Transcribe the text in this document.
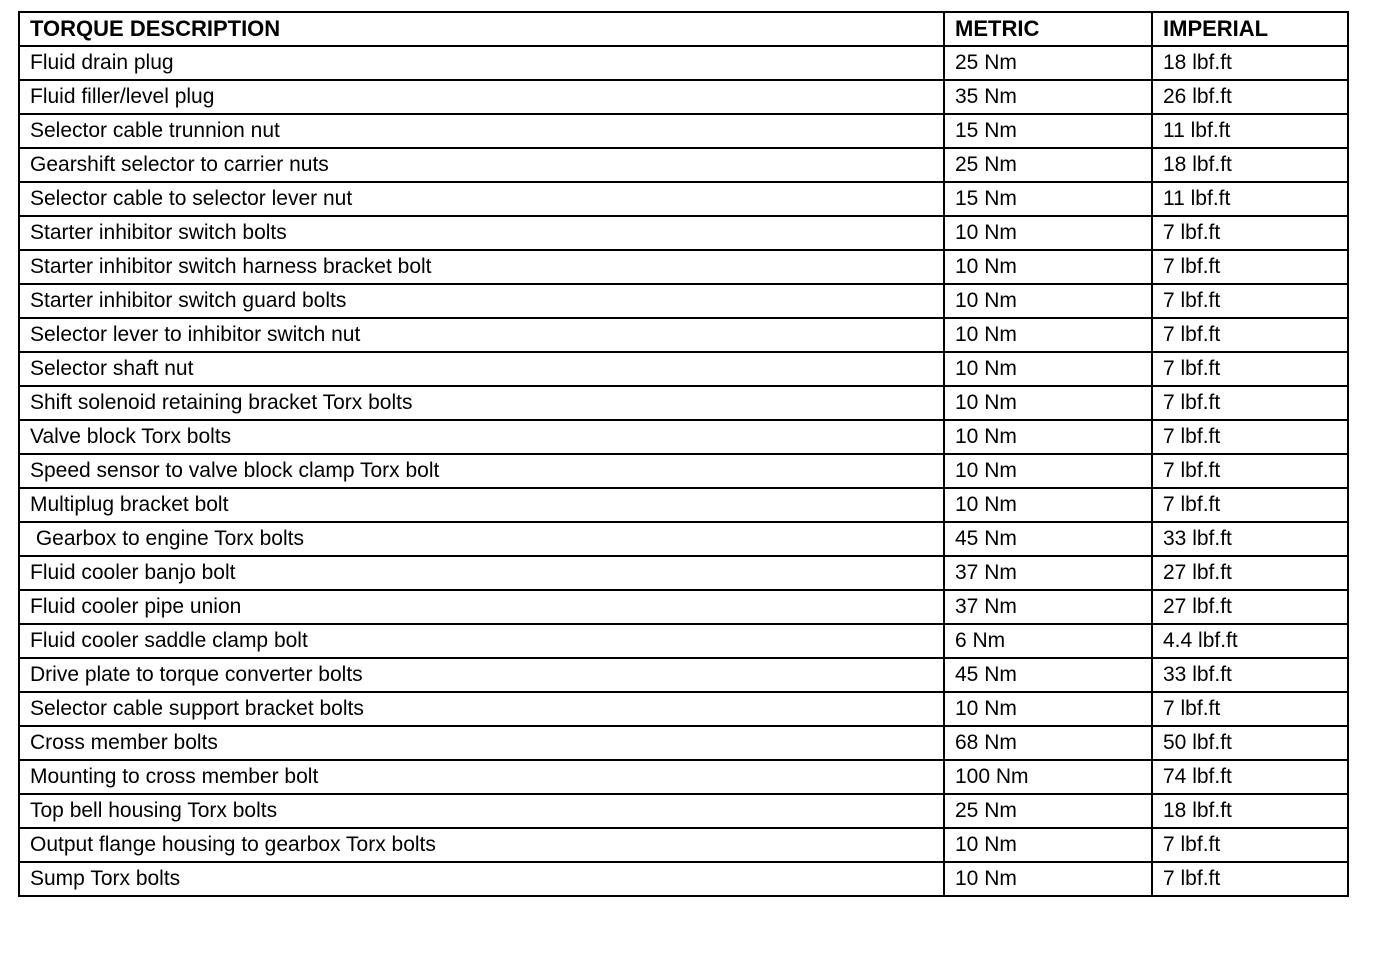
TORQUE DESCRIPTION	METRIC	IMPERIAL
Fluid drain plug	25 Nm	18 lbf.ft
Fluid filler/level plug	35 Nm	26 lbf.ft
Selector cable trunnion nut	15 Nm	11 lbf.ft
Gearshift selector to carrier nuts	25 Nm	18 lbf.ft
Selector cable to selector lever nut	15 Nm	11 lbf.ft
Starter inhibitor switch bolts	10 Nm	7 lbf.ft
Starter inhibitor switch harness bracket bolt	10 Nm	7 lbf.ft
Starter inhibitor switch guard bolts	10 Nm	7 lbf.ft
Selector lever to inhibitor switch nut	10 Nm	7 lbf.ft
Selector shaft nut	10 Nm	7 lbf.ft
Shift solenoid retaining bracket Torx bolts	10 Nm	7 lbf.ft
Valve block Torx bolts	10 Nm	7 lbf.ft
Speed sensor to valve block clamp Torx bolt	10 Nm	7 lbf.ft
Multiplug bracket bolt	10 Nm	7 lbf.ft
Gearbox to engine Torx bolts	45 Nm	33 lbf.ft
Fluid cooler banjo bolt	37 Nm	27 lbf.ft
Fluid cooler pipe union	37 Nm	27 lbf.ft
Fluid cooler saddle clamp bolt	6 Nm	4.4 lbf.ft
Drive plate to torque converter bolts	45 Nm	33 lbf.ft
Selector cable support bracket bolts	10 Nm	7 lbf.ft
Cross member bolts	68 Nm	50 lbf.ft
Mounting to cross member bolt	100 Nm	74 lbf.ft
Top bell housing Torx bolts	25 Nm	18 lbf.ft
Output flange housing to gearbox Torx bolts	10 Nm	7 lbf.ft
Sump Torx bolts	10 Nm	7 lbf.ft
